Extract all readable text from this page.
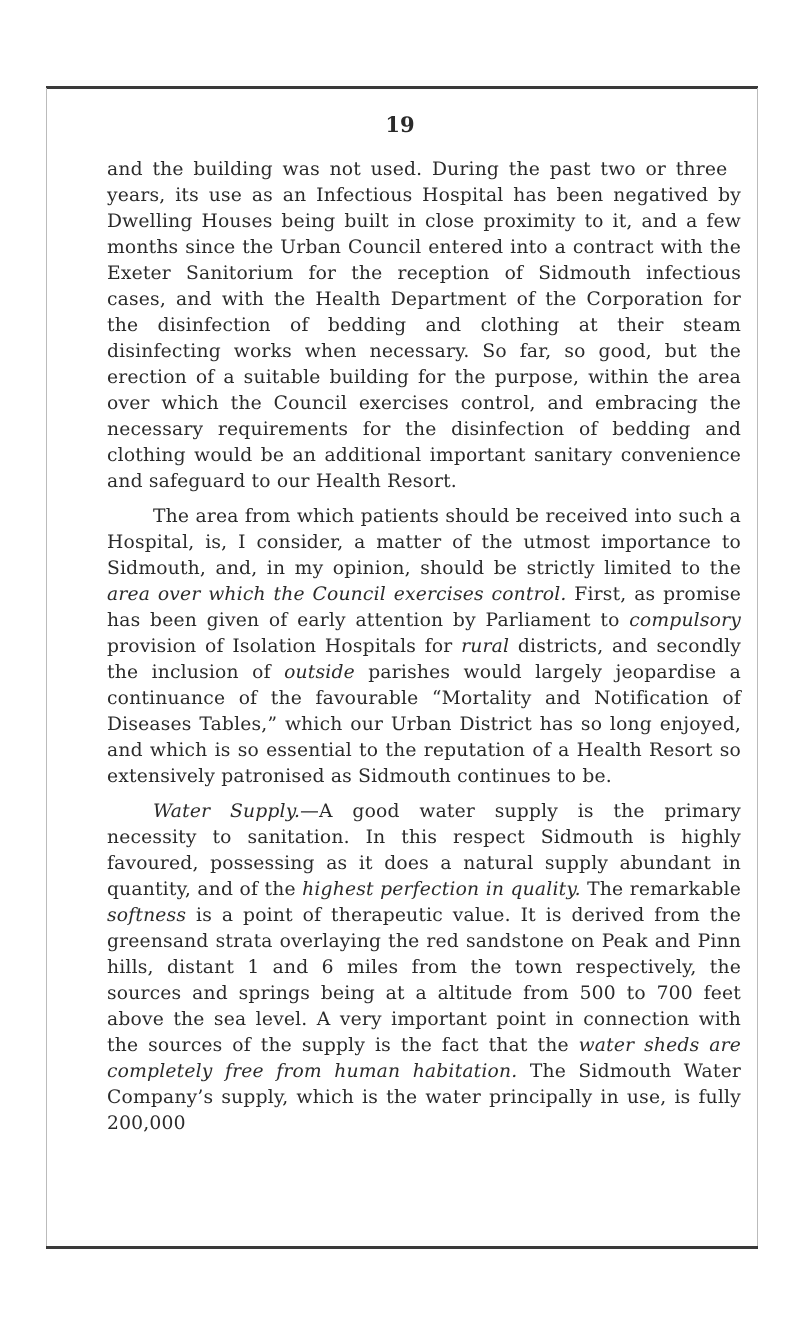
19

and the building was not used. During the past two or three  years, its use as an Infectious Hospital has been negatived by Dwelling Houses being built in close proximity to it, and a few months since the Urban Council entered into a contract with the Exeter Sanitorium for the reception of Sidmouth infectious cases, and with the Health Department of the Corporation for the disinfection of bedding and clothing at their steam disinfecting works when necessary. So far, so good, but the erection of a suitable building for the purpose, within the area over which the Council exercises control, and embracing the necessary requirements for the disinfection of bedding and clothing would be an additional important sanitary convenience and safeguard to our Health Resort.

The area from which patients should be received into such a Hospital, is, I consider, a matter of the utmost importance to Sidmouth, and, in my opinion, should be strictly limited to the area over which the Council exercises control. First, as promise has been given of early attention by Parliament to compulsory provision of Isolation Hospitals for rural districts, and secondly the inclusion of outside parishes would largely jeopardise a continuance of the favourable “Mortality and Notification of Diseases Tables,” which our Urban District has so long enjoyed, and which is so essential to the reputation of a Health Resort so extensively patronised as Sidmouth continues to be.

Water Supply.—A good water supply is the primary necessity to sanitation. In this respect Sidmouth is highly favoured, possessing as it does a natural supply abundant in quantity, and of the highest perfection in quality. The remarkable softness is a point of therapeutic value. It is derived from the greensand strata overlaying the red sandstone on Peak and Pinn hills, distant 1 and 6 miles from the town respectively, the sources and springs being at a altitude from 500 to 700 feet above the sea level. A very important point in connection with the sources of the supply is the fact that the water sheds are completely free from human habitation. The Sidmouth Water Company’s supply, which is the water principally in use, is fully 200,000
